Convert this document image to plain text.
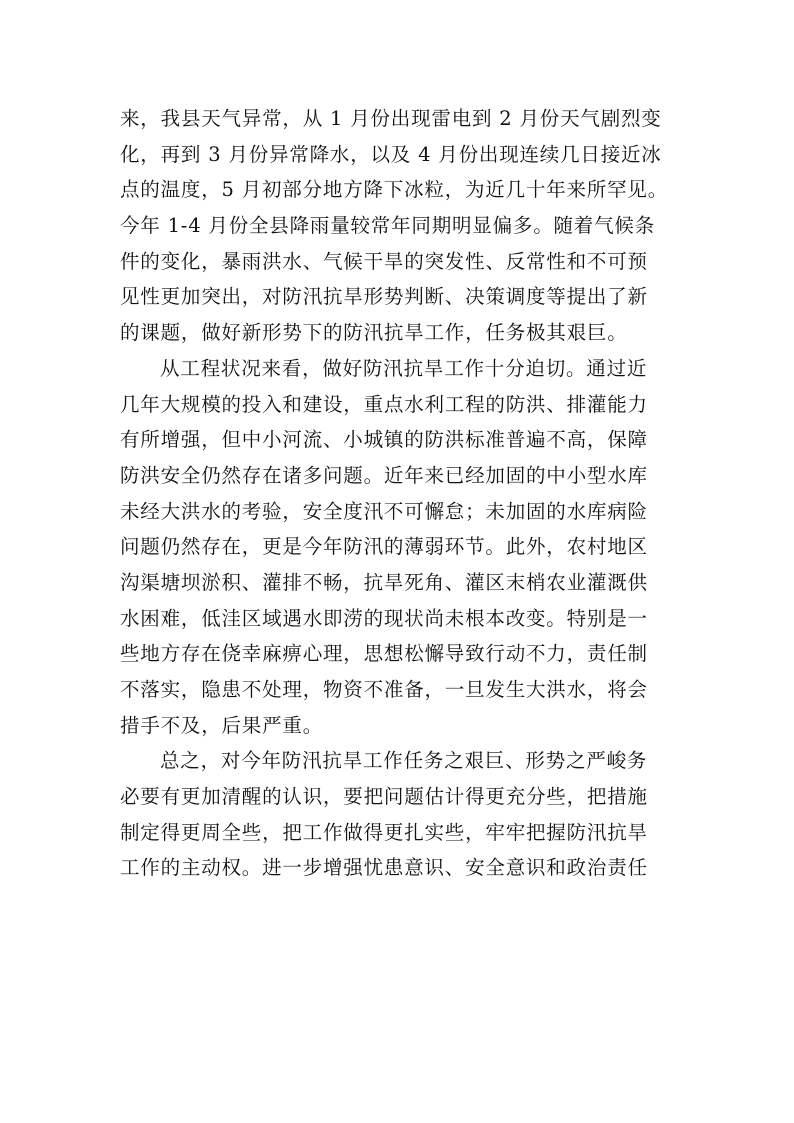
来，我县天气异常，从 1 月份出现雷电到 2 月份天气剧烈变
化，再到 3 月份异常降水，以及 4 月份出现连续几日接近冰
点的温度，5 月初部分地方降下冰粒，为近几十年来所罕见。
今年 1-4 月份全县降雨量较常年同期明显偏多。随着气候条
件的变化，暴雨洪水、气候干旱的突发性、反常性和不可预
见性更加突出，对防汛抗旱形势判断、决策调度等提出了新
的课题，做好新形势下的防汛抗旱工作，任务极其艰巨。
从工程状况来看，做好防汛抗旱工作十分迫切。通过近
几年大规模的投入和建设，重点水利工程的防洪、排灌能力
有所增强，但中小河流、小城镇的防洪标准普遍不高，保障
防洪安全仍然存在诸多问题。近年来已经加固的中小型水库
未经大洪水的考验，安全度汛不可懈怠；未加固的水库病险
问题仍然存在，更是今年防汛的薄弱环节。此外，农村地区
沟渠塘坝淤积、灌排不畅，抗旱死角、灌区末梢农业灌溉供
水困难，低洼区域遇水即涝的现状尚未根本改变。特别是一
些地方存在侥幸麻痹心理，思想松懈导致行动不力，责任制
不落实，隐患不处理，物资不准备，一旦发生大洪水，将会
措手不及，后果严重。
总之，对今年防汛抗旱工作任务之艰巨、形势之严峻务
必要有更加清醒的认识，要把问题估计得更充分些，把措施
制定得更周全些，把工作做得更扎实些，牢牢把握防汛抗旱
工作的主动权。进一步增强忧患意识、安全意识和政治责任
